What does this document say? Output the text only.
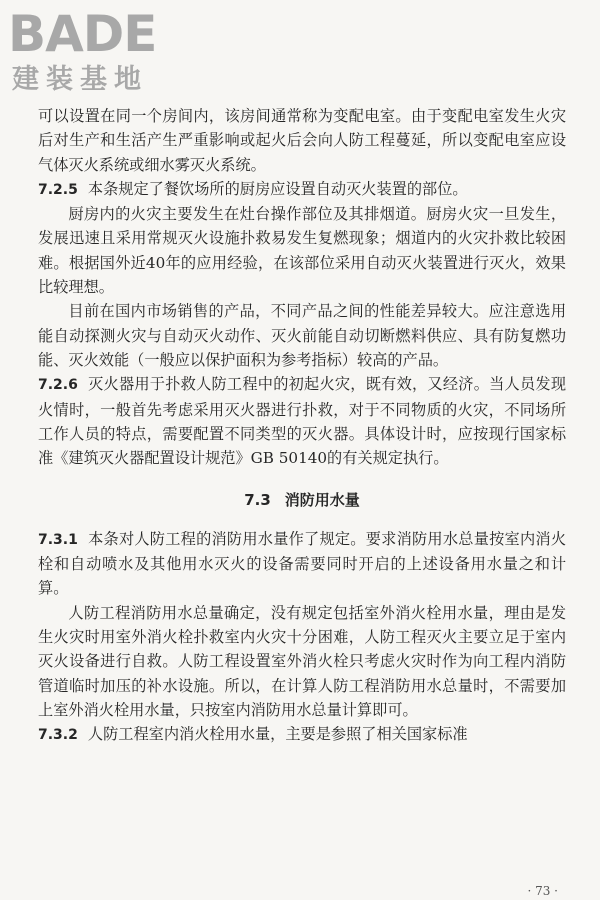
BADE
建装基地

可以设置在同一个房间内，该房间通常称为变配电室。由于变配电室发生火灾后对生产和生活产生严重影响或起火后会向人防工程蔓延，所以变配电室应设气体灭火系统或细水雾灭火系统。

7.2.5 本条规定了餐饮场所的厨房应设置自动灭火装置的部位。

厨房内的火灾主要发生在灶台操作部位及其排烟道。厨房火灾一旦发生，发展迅速且采用常规灭火设施扑救易发生复燃现象；烟道内的火灾扑救比较困难。根据国外近40年的应用经验，在该部位采用自动灭火装置进行灭火，效果比较理想。

目前在国内市场销售的产品，不同产品之间的性能差异较大。应注意选用能自动探测火灾与自动灭火动作、灭火前能自动切断燃料供应、具有防复燃功能、灭火效能（一般应以保护面积为参考指标）较高的产品。

7.2.6 灭火器用于扑救人防工程中的初起火灾，既有效，又经济。当人员发现火情时，一般首先考虑采用灭火器进行扑救，对于不同物质的火灾，不同场所工作人员的特点，需要配置不同类型的灭火器。具体设计时，应按现行国家标准《建筑灭火器配置设计规范》GB 50140的有关规定执行。

7.3 消防用水量

7.3.1 本条对人防工程的消防用水量作了规定。要求消防用水总量按室内消火栓和自动喷水及其他用水灭火的设备需要同时开启的上述设备用水量之和计算。

人防工程消防用水总量确定，没有规定包括室外消火栓用水量，理由是发生火灾时用室外消火栓扑救室内火灾十分困难，人防工程灭火主要立足于室内灭火设备进行自救。人防工程设置室外消火栓只考虑火灾时作为向工程内消防管道临时加压的补水设施。所以，在计算人防工程消防用水总量时，不需要加上室外消火栓用水量，只按室内消防用水总量计算即可。

7.3.2 人防工程室内消火栓用水量，主要是参照了相关国家标准

· 73 ·
